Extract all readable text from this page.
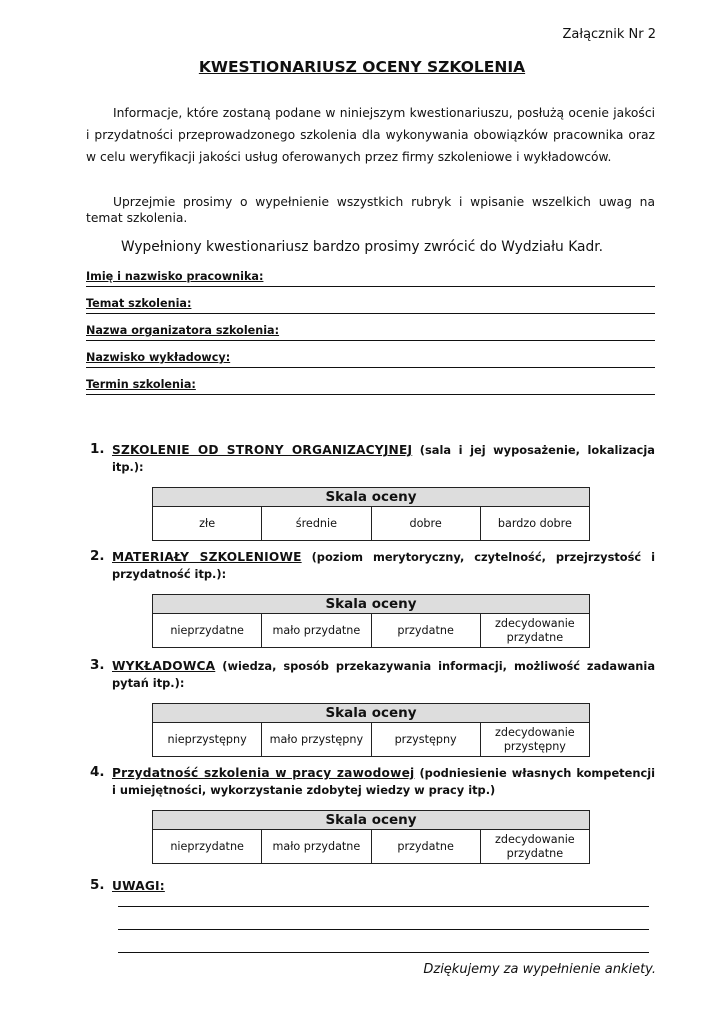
Załącznik Nr 2
KWESTIONARIUSZ OCENY SZKOLENIA
Informacje, które zostaną podane w niniejszym kwestionariuszu, posłużą ocenie jakości i przydatności przeprowadzonego szkolenia dla wykonywania obowiązków pracownika oraz w celu weryfikacji jakości usług oferowanych przez firmy szkoleniowe i wykładowców.
Uprzejmie prosimy o wypełnienie wszystkich rubryk i wpisanie wszelkich uwag na temat szkolenia.
Wypełniony kwestionariusz bardzo prosimy zwrócić do Wydziału Kadr.
Imię i nazwisko pracownika:
Temat szkolenia:
Nazwa organizatora szkolenia:
Nazwisko wykładowcy:
Termin szkolenia:
1. SZKOLENIE OD STRONY ORGANIZACYJNEJ (sala i jej wyposażenie, lokalizacja itp.):
Skala oceny
złe	średnie	dobre	bardzo dobre
2. MATERIAŁY SZKOLENIOWE (poziom merytoryczny, czytelność, przejrzystość i przydatność itp.):
Skala oceny
nieprzydatne	mało przydatne	przydatne	zdecydowanie przydatne
3. WYKŁADOWCA (wiedza, sposób przekazywania informacji, możliwość zadawania pytań itp.):
Skala oceny
nieprzystępny	mało przystępny	przystępny	zdecydowanie przystępny
4. Przydatność szkolenia w pracy zawodowej (podniesienie własnych kompetencji i umiejętności, wykorzystanie zdobytej wiedzy w pracy itp.)
Skala oceny
nieprzydatne	mało przydatne	przydatne	zdecydowanie przydatne
5. UWAGI:
Dziękujemy za wypełnienie ankiety.
